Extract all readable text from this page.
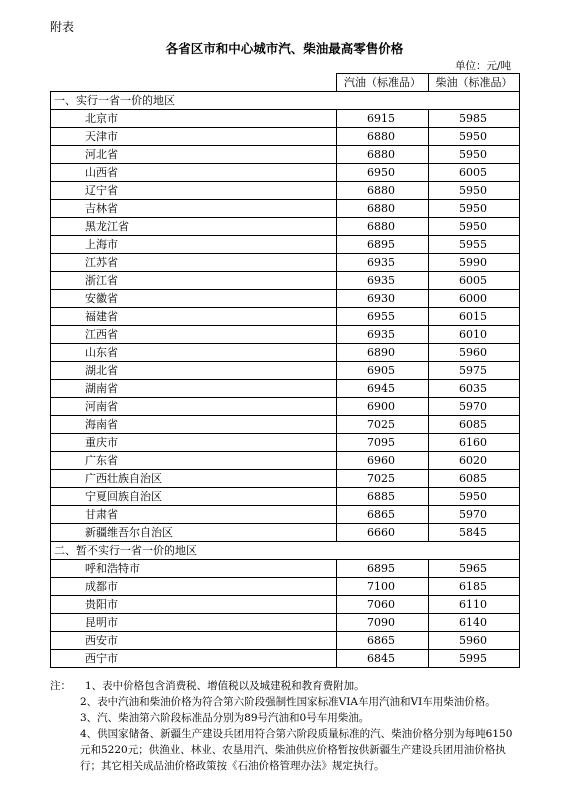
附表
各省区市和中心城市汽、柴油最高零售价格
单位：元/吨
	汽油（标准品）	柴油（标准品）
一、实行一省一价的地区		
北京市	6915	5985
天津市	6880	5950
河北省	6880	5950
山西省	6950	6005
辽宁省	6880	5950
吉林省	6880	5950
黑龙江省	6880	5950
上海市	6895	5955
江苏省	6935	5990
浙江省	6935	6005
安徽省	6930	6000
福建省	6955	6015
江西省	6935	6010
山东省	6890	5960
湖北省	6905	5975
湖南省	6945	6035
河南省	6900	5970
海南省	7025	6085
重庆市	7095	6160
广东省	6960	6020
广西壮族自治区	7025	6085
宁夏回族自治区	6885	5950
甘肃省	6865	5970
新疆维吾尔自治区	6660	5845
二、暂不实行一省一价的地区		
呼和浩特市	6895	5965
成都市	7100	6185
贵阳市	7060	6110
昆明市	7090	6140
西安市	6865	5960
西宁市	6845	5995

注： 1、表中价格包含消费税、增值税以及城建税和教育费附加。

2、表中汽油和柴油价格为符合第六阶段强制性国家标准VIA车用汽油和VI车用柴油价格。

3、汽、柴油第六阶段标准品分别为89号汽油和0号车用柴油。

4、供国家储备、新疆生产建设兵团用符合第六阶段质量标准的汽、柴油价格分别为每吨6150元和5220元；供渔业、林业、农垦用汽、柴油供应价格暂按供新疆生产建设兵团用油价格执行；其它相关成品油价格政策按《石油价格管理办法》规定执行。
